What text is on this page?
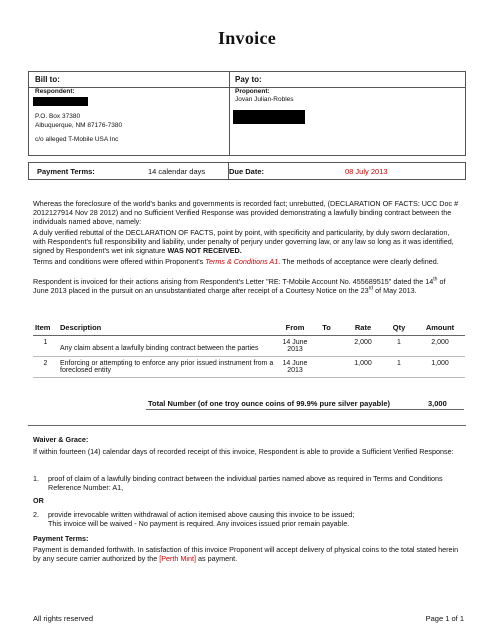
Invoice
Bill to:
Respondent:
P.O. Box 37380
Albuquerque, NM 87176-7380
c/o alleged T-Mobile USA Inc
Pay to:
Proponent:
Jovan Julian-Robles
Payment Terms:	14 calendar days	Due Date:	08 July 2013
Whereas the foreclosure of the world's banks and governments is recorded fact; unrebutted, (DECLARATION OF FACTS: UCC Doc # 2012127914 Nov 28 2012) and no Sufficient Verified Response was provided demonstrating a lawfully binding contract between the individuals named above, namely:
A duly verified rebuttal of the DECLARATION OF FACTS, point by point, with specificity and particularity, by duly sworn declaration, with Respondent's full responsibility and liability, under penalty of perjury under governing law, or any law so long as it was identified, signed by Respondent's wet ink signature WAS NOT RECEIVED.
Terms and conditions were offered within Proponent's Terms & Conditions A1. The methods of acceptance were clearly defined.
Respondent is invoiced for their actions arising from Respondent's Letter "RE: T-Mobile Account No. 455689515" dated the 14th of June 2013 placed in the pursuit on an unsubstantiated charge after receipt of a Courtesy Notice on the 23rd of May 2013.
Item	Description	From	To	Rate	Qty	Amount
1	Any claim absent a lawfully binding contract between the parties	14 June 2013		2,000	1	2,000
2	Enforcing or attempting to enforce any prior issued instrument from a foreclosed entity	14 June 2013		1,000	1	1,000
Total Number (of one troy ounce coins of 99.9% pure silver payable)	3,000
Waiver & Grace:
If within fourteen (14) calendar days of recorded receipt of this invoice, Respondent is able to provide a Sufficient Verified Response:
1.	proof of claim of a lawfully binding contract between the individual parties named above as required in Terms and Conditions Reference Number: A1,
OR
2.	provide irrevocable written withdrawal of action itemised above causing this invoice to be issued;
This invoice will be waived - No payment is required. Any invoices issued prior remain payable.
Payment Terms:
Payment is demanded forthwith. In satisfaction of this invoice Proponent will accept delivery of physical coins to the total stated herein by any secure carrier authorized by the [Perth Mint] as payment.
All rights reserved	Page 1 of 1
